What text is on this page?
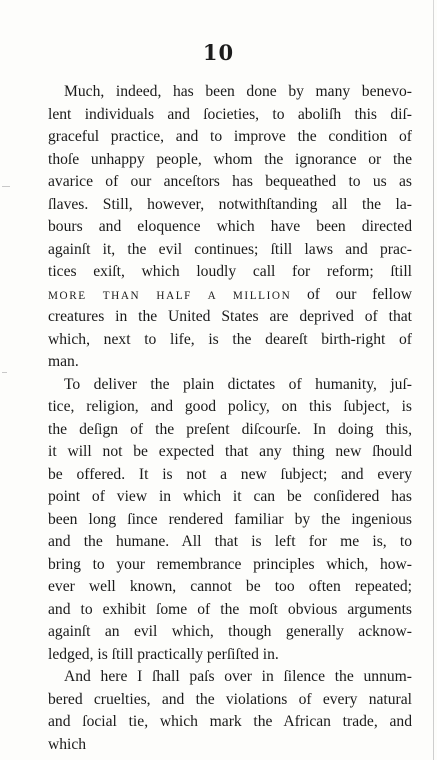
10
Much, indeed, has been done by many benevo-
lent individuals and ſocieties, to aboliſh this diſ-
graceful practice, and to improve the condition of
thoſe unhappy people, whom the ignorance or the
avarice of our anceſtors has bequeathed to us as
ſlaves. Still, however, notwithſtanding all the la-
bours and eloquence which have been directed
againſt it, the evil continues; ſtill laws and prac-
tices exiſt, which loudly call for reform; ſtill
MORE THAN HALF A MILLION of our fellow
creatures in the United States are deprived of that
which, next to life, is the deareſt birth-right of
man.
To deliver the plain dictates of humanity, juſ-
tice, religion, and good policy, on this ſubject, is
the deſign of the preſent diſcourſe. In doing this,
it will not be expected that any thing new ſhould
be offered. It is not a new ſubject; and every
point of view in which it can be conſidered has
been long ſince rendered familiar by the ingenious
and the humane. All that is left for me is, to
bring to your remembrance principles which, how-
ever well known, cannot be too often repeated;
and to exhibit ſome of the moſt obvious arguments
againſt an evil which, though generally acknow-
ledged, is ſtill practically perſiſted in.
And here I ſhall paſs over in ſilence the unnum-
bered cruelties, and the violations of every natural
and ſocial tie, which mark the African trade, and
which
